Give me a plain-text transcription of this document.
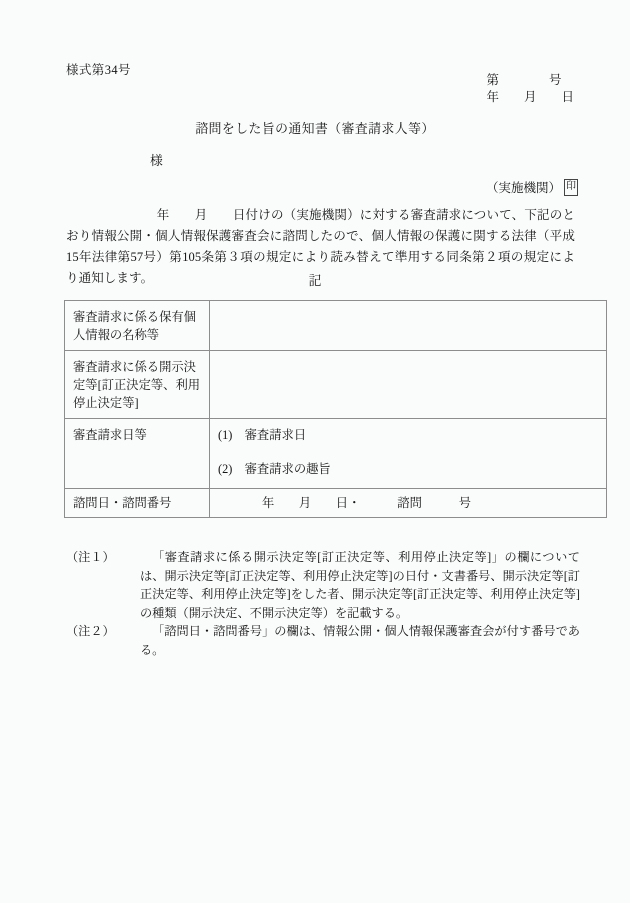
様式第34号
第　　　　号
年　　月　　日
諮問をした旨の通知書（審査請求人等）
様
（実施機関） 印
　年　　月　　日付けの（実施機関）に対する審査請求について、下記のとおり情報公開・個人情報保護審査会に諮問したので、個人情報の保護に関する法律（平成15年法律第57号）第105条第３項の規定により読み替えて準用する同条第２項の規定により通知します。	記
審査請求に係る保有個人情報の名称等	
審査請求に係る開示決定等[訂正決定等、利用停止決定等]	
審査請求日等	(1)　審査請求日
(2)　審査請求の趣旨

諮問日・諮問番号	年　　月　　日・　　　諮問　　　号
（注１）	「審査請求に係る開示決定等[訂正決定等、利用停止決定等]」の欄については、開示決定等[訂正決定等、利用停止決定等]の日付・文書番号、開示決定等[訂正決定等、利用停止決定等]をした者、開示決定等[訂正決定等、利用停止決定等]の種類（開示決定、不開示決定等）を記載する。
（注２）	「諮問日・諮問番号」の欄は、情報公開・個人情報保護審査会が付す番号である。
